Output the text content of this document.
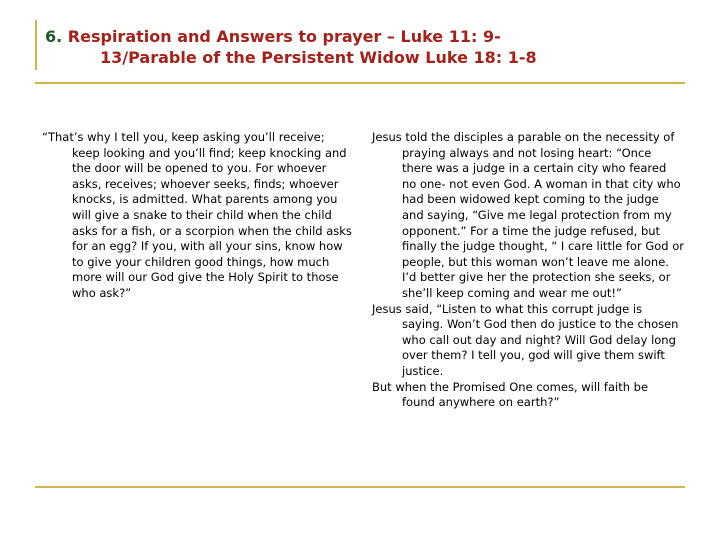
6. Respiration and Answers to prayer – Luke 11: 9-
13/Parable of the Persistent Widow Luke 18: 1-8

“That’s why I tell you, keep asking you’ll receive; keep looking and you’ll find; keep knocking and the door will be opened to you. For whoever asks, receives; whoever seeks, finds; whoever knocks, is admitted. What parents among you will give a snake to their child when the child asks for a fish, or a scorpion when the child asks for an egg? If you, with all your sins, know how to give your children good things, how much more will our God give the Holy Spirit to those who ask?”

Jesus told the disciples a parable on the necessity of praying always and not losing heart: “Once there was a judge in a certain city who feared no one- not even God. A woman in that city who had been widowed kept coming to the judge and saying, “Give me legal protection from my opponent.” For a time the judge refused, but finally the judge thought, “ I care little for God or people, but this woman won’t leave me alone. I’d better give her the protection she seeks, or she’ll keep coming and wear me out!”

Jesus said, “Listen to what this corrupt judge is saying. Won’t God then do justice to the chosen who call out day and night? Will God delay long over them? I tell you, god will give them swift justice.

But when the Promised One comes, will faith be found anywhere on earth?”
